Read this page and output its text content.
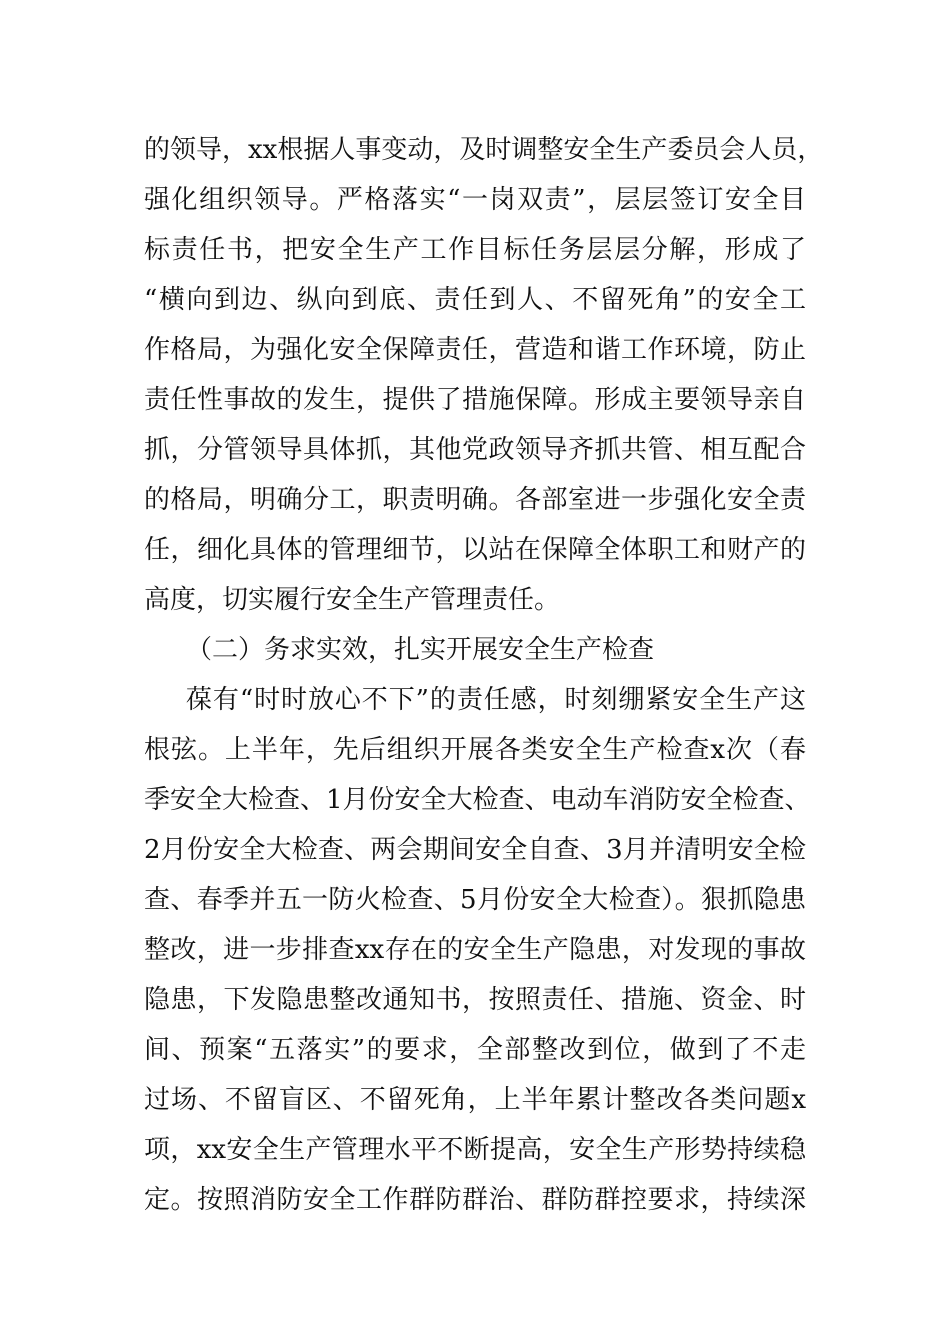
的领导，xx根据人事变动，及时调整安全生产委员会人员，
强化组织领导。严格落实“一岗双责”，层层签订安全目
标责任书，把安全生产工作目标任务层层分解，形成了
“横向到边、纵向到底、责任到人、不留死角”的安全工
作格局，为强化安全保障责任，营造和谐工作环境，防止
责任性事故的发生，提供了措施保障。形成主要领导亲自
抓，分管领导具体抓，其他党政领导齐抓共管、相互配合
的格局，明确分工，职责明确。各部室进一步强化安全责
任，细化具体的管理细节，以站在保障全体职工和财产的
高度，切实履行安全生产管理责任。
（二）务求实效，扎实开展安全生产检查
葆有“时时放心不下”的责任感，时刻绷紧安全生产这
根弦。上半年，先后组织开展各类安全生产检查x次（春
季安全大检查、1月份安全大检查、电动车消防安全检查、
2月份安全大检查、两会期间安全自查、3月并清明安全检
查、春季并五一防火检查、5月份安全大检查）。狠抓隐患
整改，进一步排查xx存在的安全生产隐患，对发现的事故
隐患，下发隐患整改通知书，按照责任、措施、资金、时
间、预案“五落实”的要求，全部整改到位，做到了不走
过场、不留盲区、不留死角，上半年累计整改各类问题x
项，xx安全生产管理水平不断提高，安全生产形势持续稳
定。按照消防安全工作群防群治、群防群控要求，持续深
